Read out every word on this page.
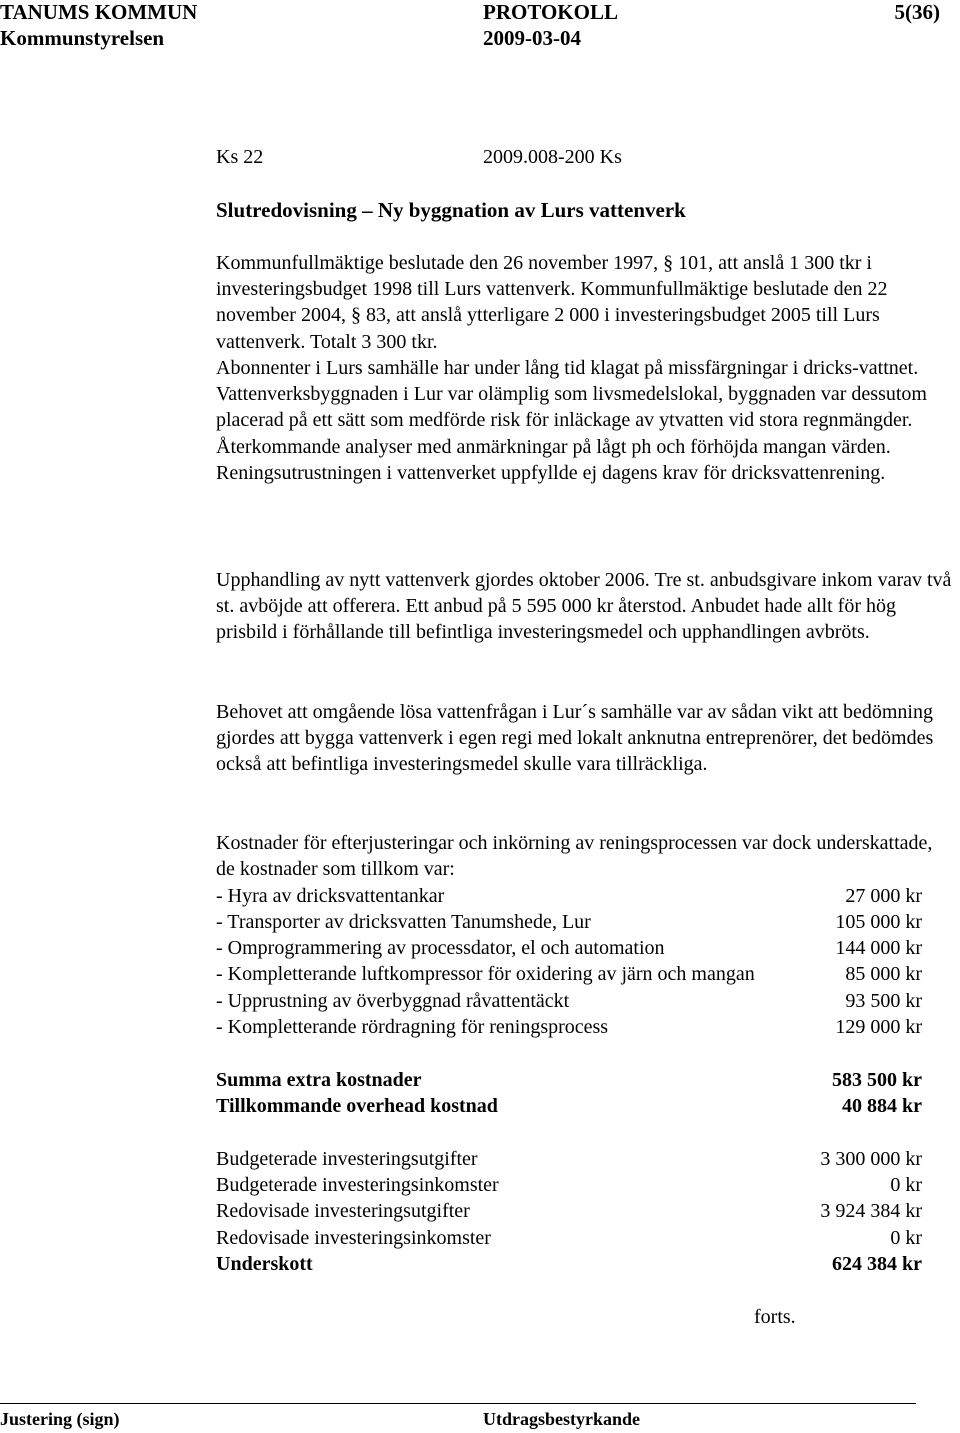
TANUMS KOMMUN	PROTOKOLL	5(36)
Kommunstyrelsen	2009-03-04
Ks 22	2009.008-200 Ks
Slutredovisning – Ny byggnation av Lurs vattenverk

Kommunfullmäktige beslutade den 26 november 1997, § 101, att anslå 1 300 tkr i investeringsbudget 1998 till Lurs vattenverk. Kommunfullmäktige beslutade den 22 november 2004, § 83, att anslå ytterligare 2 000 i investeringsbudget 2005 till Lurs vattenverk. Totalt 3 300 tkr.

Abonnenter i Lurs samhälle har under lång tid klagat på missfärgningar i dricks-vattnet. Vattenverksbyggnaden i Lur var olämplig som livsmedelslokal, byggnaden var dessutom placerad på ett sätt som medförde risk för inläckage av ytvatten vid stora regnmängder. Återkommande analyser med anmärkningar på lågt ph och förhöjda mangan värden. Reningsutrustningen i vattenverket uppfyllde ej dagens krav för dricksvattenrening.

Upphandling av nytt vattenverk gjordes oktober 2006. Tre st. anbudsgivare inkom varav två st. avböjde att offerera. Ett anbud på 5 595 000 kr återstod. Anbudet hade allt för hög prisbild i förhållande till befintliga investeringsmedel och upphandlingen avbröts.

Behovet att omgående lösa vattenfrågan i Lur´s samhälle var av sådan vikt att bedömning gjordes att bygga vattenverk i egen regi med lokalt anknutna entreprenörer, det bedömdes också att befintliga investeringsmedel skulle vara tillräckliga.

Kostnader för efterjusteringar och inkörning av reningsprocessen var dock underskattade, de kostnader som tillkom var:

- Hyra av dricksvattentankar	27 000 kr
- Transporter av dricksvatten Tanumshede, Lur	105 000 kr
- Omprogrammering av processdator, el och automation	144 000 kr
- Kompletterande luftkompressor för oxidering av järn och mangan	85 000 kr
- Upprustning av överbyggnad råvattentäckt	93 500 kr
- Kompletterande rördragning för reningsprocess	129 000 kr
Summa extra kostnader	583 500 kr
Tillkommande overhead kostnad	40 884 kr
Budgeterade investeringsutgifter	3 300 000 kr
Budgeterade investeringsinkomster	0 kr
Redovisade investeringsutgifter	3 924 384 kr
Redovisade investeringsinkomster	0 kr
Underskott	624 384 kr
forts.
Justering (sign)	Utdragsbestyrkande
